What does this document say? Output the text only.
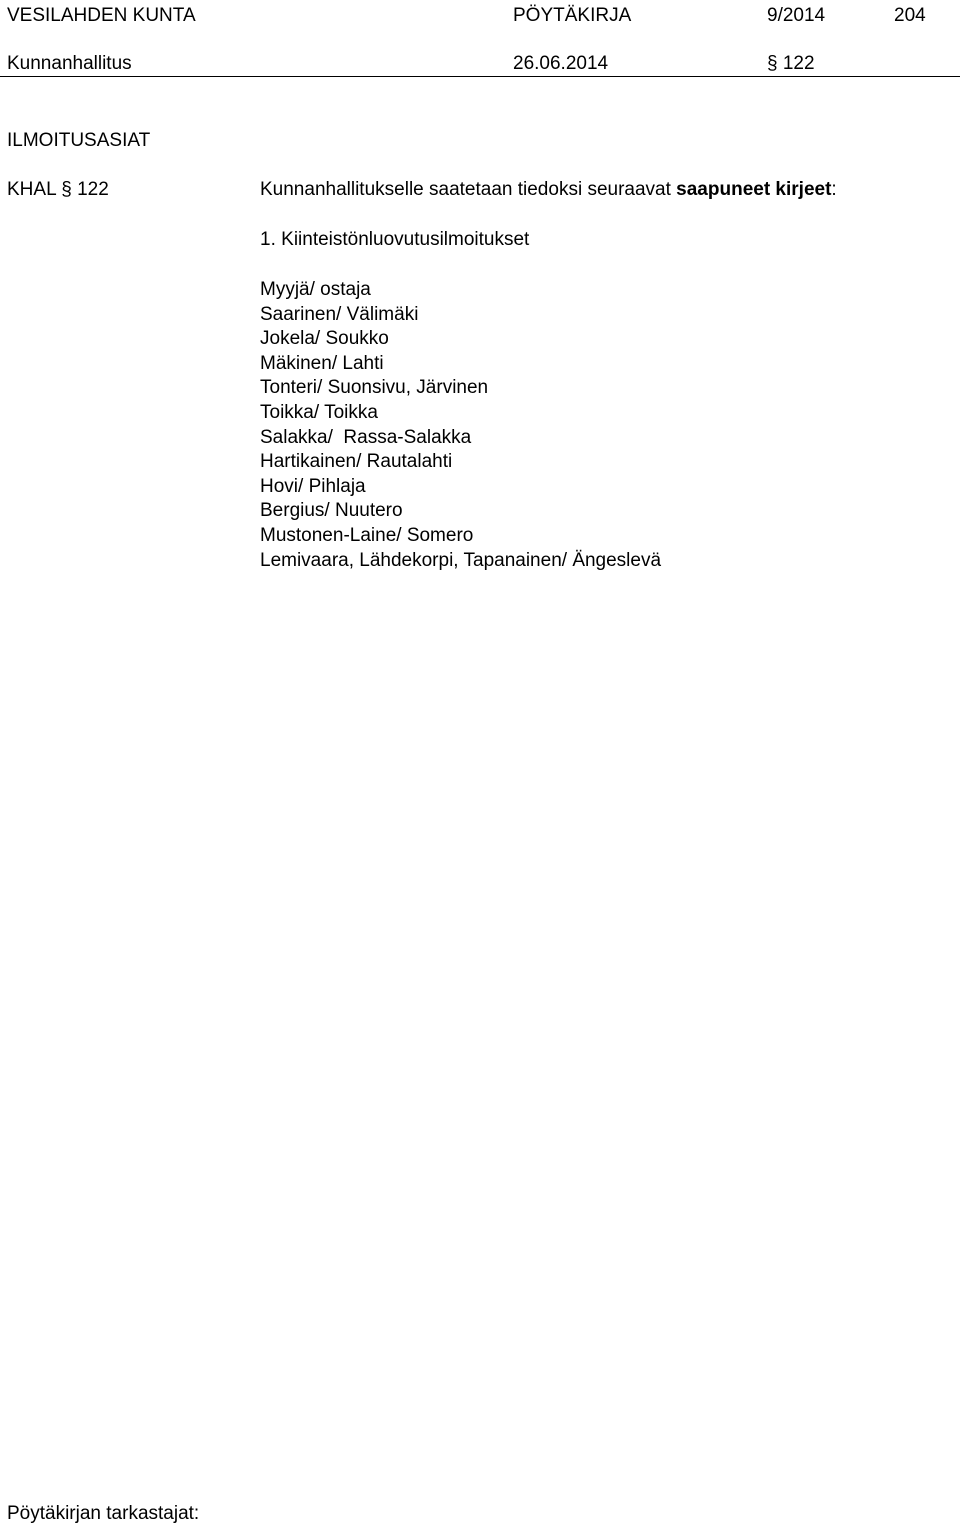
VESILAHDEN KUNTA	PÖYTÄKIRJA	9/2014	204
Kunnanhallitus	26.06.2014	§ 122
ILMOITUSASIAT
KHAL § 122	Kunnanhallitukselle saatetaan tiedoksi seuraavat saapuneet kirjeet:
1. Kiinteistönluovutusilmoitukset
Myyjä/ ostaja
Saarinen/ Välimäki
Jokela/ Soukko
Mäkinen/ Lahti
Tonteri/ Suonsivu, Järvinen
Toikka/ Toikka
Salakka/  Rassa-Salakka
Hartikainen/ Rautalahti
Hovi/ Pihlaja
Bergius/ Nuutero
Mustonen-Laine/ Somero
Lemivaara, Lähdekorpi, Tapanainen/ Ängeslevä
Pöytäkirjan tarkastajat:
